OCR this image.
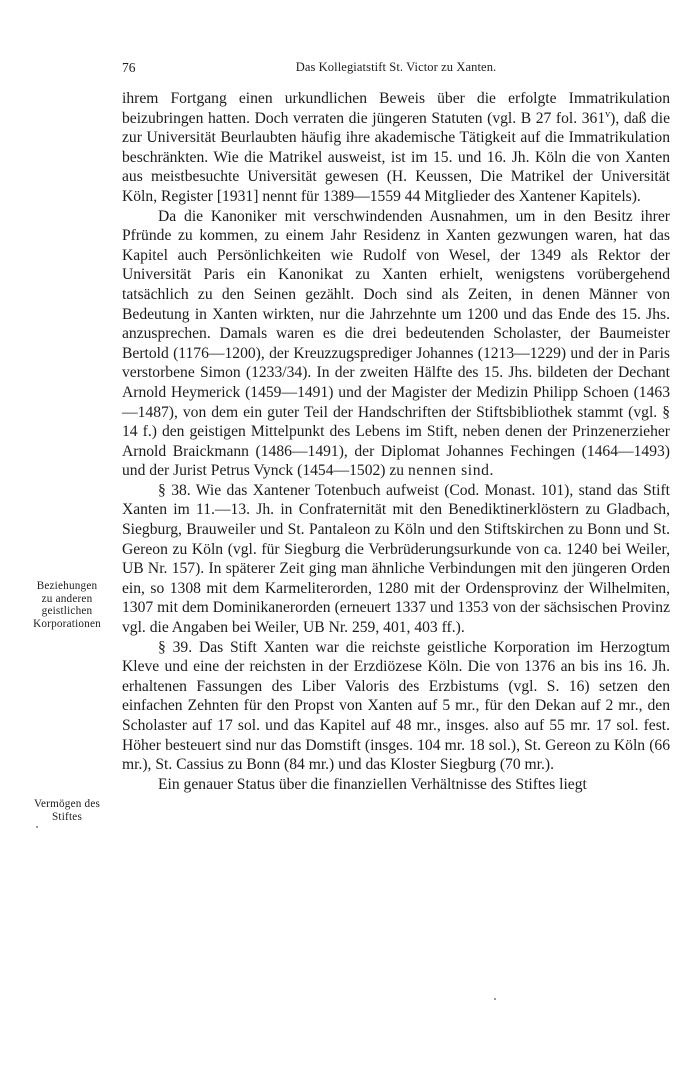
76	Das Kollegiatstift St. Victor zu Xanten.

ihrem Fortgang einen urkundlichen Beweis über die erfolgte Immatrikulation beizubringen hatten. Doch verraten die jüngeren Statuten (vgl. B 27 fol. 361$^v$), daß die zur Universität Beurlaubten häufig ihre akademische Tätigkeit auf die Immatrikulation beschränkten. Wie die Matrikel ausweist, ist im 15. und 16. Jh. Köln die von Xanten aus meistbesuchte Universität gewesen (H. Keussen, Die Matrikel der Universität Köln, Register [1931] nennt für 1389—1559 44 Mitglieder des Xantener Kapitels).

Da die Kanoniker mit verschwindenden Ausnahmen, um in den Besitz ihrer Pfründe zu kommen, zu einem Jahr Residenz in Xanten gezwungen waren, hat das Kapitel auch Persönlichkeiten wie Rudolf von Wesel, der 1349 als Rektor der Universität Paris ein Kanonikat zu Xanten erhielt, wenigstens vorübergehend tatsächlich zu den Seinen gezählt. Doch sind als Zeiten, in denen Männer von Bedeutung in Xanten wirkten, nur die Jahrzehnte um 1200 und das Ende des 15. Jhs. anzusprechen. Damals waren es die drei bedeutenden Scholaster, der Baumeister Bertold (1176—1200), der Kreuzzugsprediger Johannes (1213—1229) und der in Paris verstorbene Simon (1233/34). In der zweiten Hälfte des 15. Jhs. bildeten der Dechant Arnold Heymerick (1459—1491) und der Magister der Medizin Philipp Schoen (1463—1487), von dem ein guter Teil der Handschriften der Stiftsbibliothek stammt (vgl. § 14 f.) den geistigen Mittelpunkt des Lebens im Stift, neben denen der Prinzenerzieher Arnold Braickmann (1486—1491), der Diplomat Johannes Fechingen (1464—1493) und der Jurist Petrus Vynck (1454—1502) zu nennen sind.

§ 38. Wie das Xantener Totenbuch aufweist (Cod. Monast. 101), stand das Stift Xanten im 11.—13. Jh. in Confraternität mit den Benediktinerklöstern zu Gladbach, Siegburg, Brauweiler und St. Pantaleon zu Köln und den Stiftskirchen zu Bonn und St. Gereon zu Köln (vgl. für Siegburg die Verbrüderungsurkunde von ca. 1240 bei Weiler, UB Nr. 157). In späterer Zeit ging man ähnliche Verbindungen mit den jüngeren Orden ein, so 1308 mit dem Karmeliterorden, 1280 mit der Ordensprovinz der Wilhelmiten, 1307 mit dem Dominikanerorden (erneuert 1337 und 1353 von der sächsischen Provinz vgl. die Angaben bei Weiler, UB Nr. 259, 401, 403 ff.).

§ 39. Das Stift Xanten war die reichste geistliche Korporation im Herzogtum Kleve und eine der reichsten in der Erzdiözese Köln. Die von 1376 an bis ins 16. Jh. erhaltenen Fassungen des Liber Valoris des Erzbistums (vgl. S. 16) setzen den einfachen Zehnten für den Propst von Xanten auf 5 mr., für den Dekan auf 2 mr., den Scholaster auf 17 sol. und das Kapitel auf 48 mr., insges. also auf 55 mr. 17 sol. fest. Höher besteuert sind nur das Domstift (insges. 104 mr. 18 sol.), St. Gereon zu Köln (66 mr.), St. Cassius zu Bonn (84 mr.) und das Kloster Siegburg (70 mr.).

Ein genauer Status über die finanziellen Verhältnisse des Stiftes liegt

Beziehungen
zu anderen
geistlichen
Korporationen
Vermögen des
Stiftes
